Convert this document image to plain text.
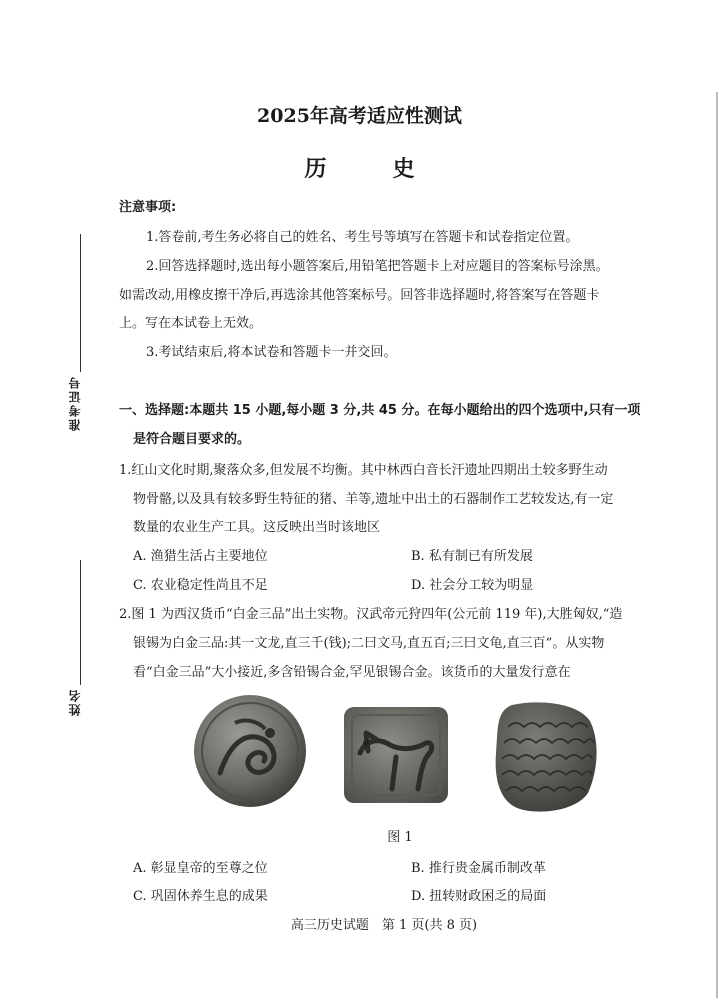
2025年高考适应性测试
历　史
注意事项:
1.答卷前,考生务必将自己的姓名、考生号等填写在答题卡和试卷指定位置。
2.回答选择题时,选出每小题答案后,用铅笔把答题卡上对应题目的答案标号涂黑。
如需改动,用橡皮擦干净后,再选涂其他答案标号。回答非选择题时,将答案写在答题卡
上。写在本试卷上无效。
3.考试结束后,将本试卷和答题卡一并交回。
准考证号
姓名
一、选择题:本题共 15 小题,每小题 3 分,共 45 分。在每小题给出的四个选项中,只有一项
是符合题目要求的。
1.红山文化时期,聚落众多,但发展不均衡。其中林西白音长汗遗址四期出土较多野生动
物骨骼,以及具有较多野生特征的猪、羊等,遗址中出土的石器制作工艺较发达,有一定
数量的农业生产工具。这反映出当时该地区
A. 渔猎生活占主要地位	B. 私有制已有所发展
C. 农业稳定性尚且不足	D. 社会分工较为明显
2.图 1 为西汉货币“白金三品”出土实物。汉武帝元狩四年(公元前 119 年),大胜匈奴,“造
银锡为白金三品:其一文龙,直三千(钱);二曰文马,直五百;三曰文龟,直三百”。从实物
看“白金三品”大小接近,多含铅锡合金,罕见银锡合金。该货币的大量发行意在
图 1
A. 彰显皇帝的至尊之位	B. 推行贵金属币制改革
C. 巩固休养生息的成果	D. 扭转财政困乏的局面
高三历史试题　第 1 页(共 8 页)
